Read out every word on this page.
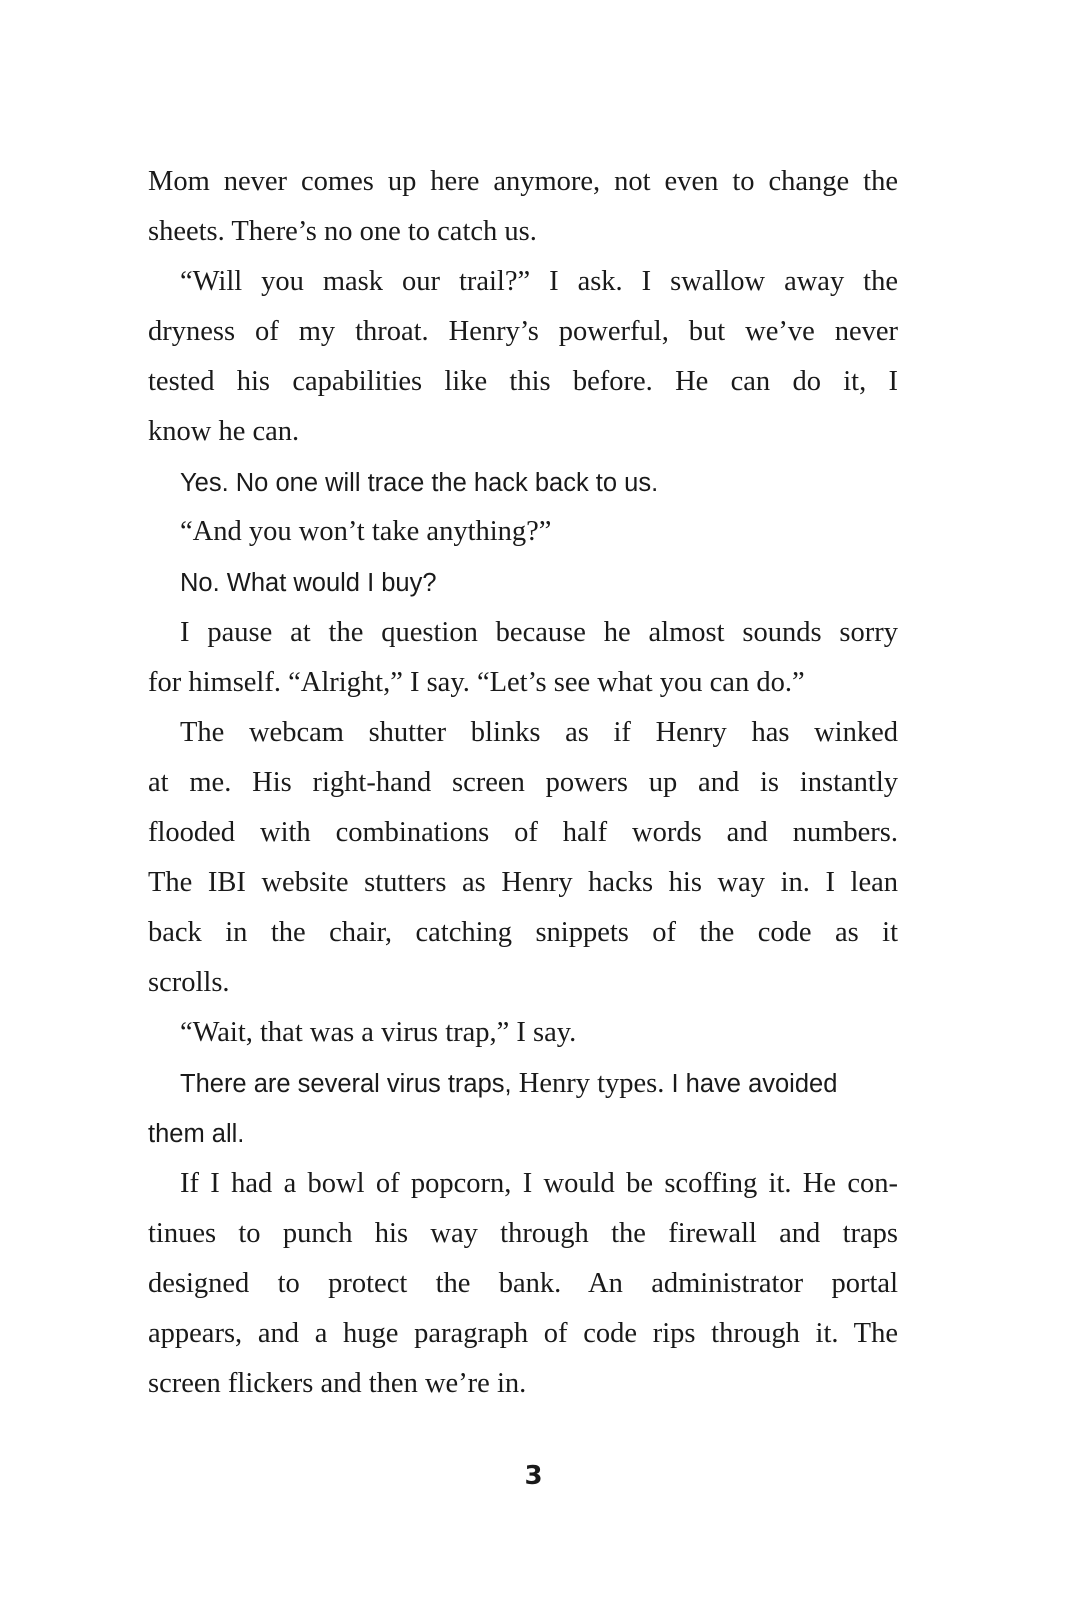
Mom never comes up here anymore, not even to change the
sheets. There’s no one to catch us.
“Will you mask our trail?” I ask. I swallow away the
dryness of my throat. Henry’s powerful, but we’ve never
tested his capabilities like this before. He can do it, I
know he can.
Yes. No one will trace the hack back to us.
“And you won’t take anything?”
No. What would I buy?
I pause at the question because he almost sounds sorry
for himself. “Alright,” I say. “Let’s see what you can do.”
The webcam shutter blinks as if Henry has winked
at me. His right-hand screen powers up and is instantly
flooded with combinations of half words and numbers.
The IBI website stutters as Henry hacks his way in. I lean
back in the chair, catching snippets of the code as it
scrolls.
“Wait, that was a virus trap,” I say.
There are several virus traps, Henry types. I have avoided
them all.
If I had a bowl of popcorn, I would be scoffing it. He con-
tinues to punch his way through the firewall and traps
designed to protect the bank. An administrator portal
appears, and a huge paragraph of code rips through it. The
screen flickers and then we’re in.
3
